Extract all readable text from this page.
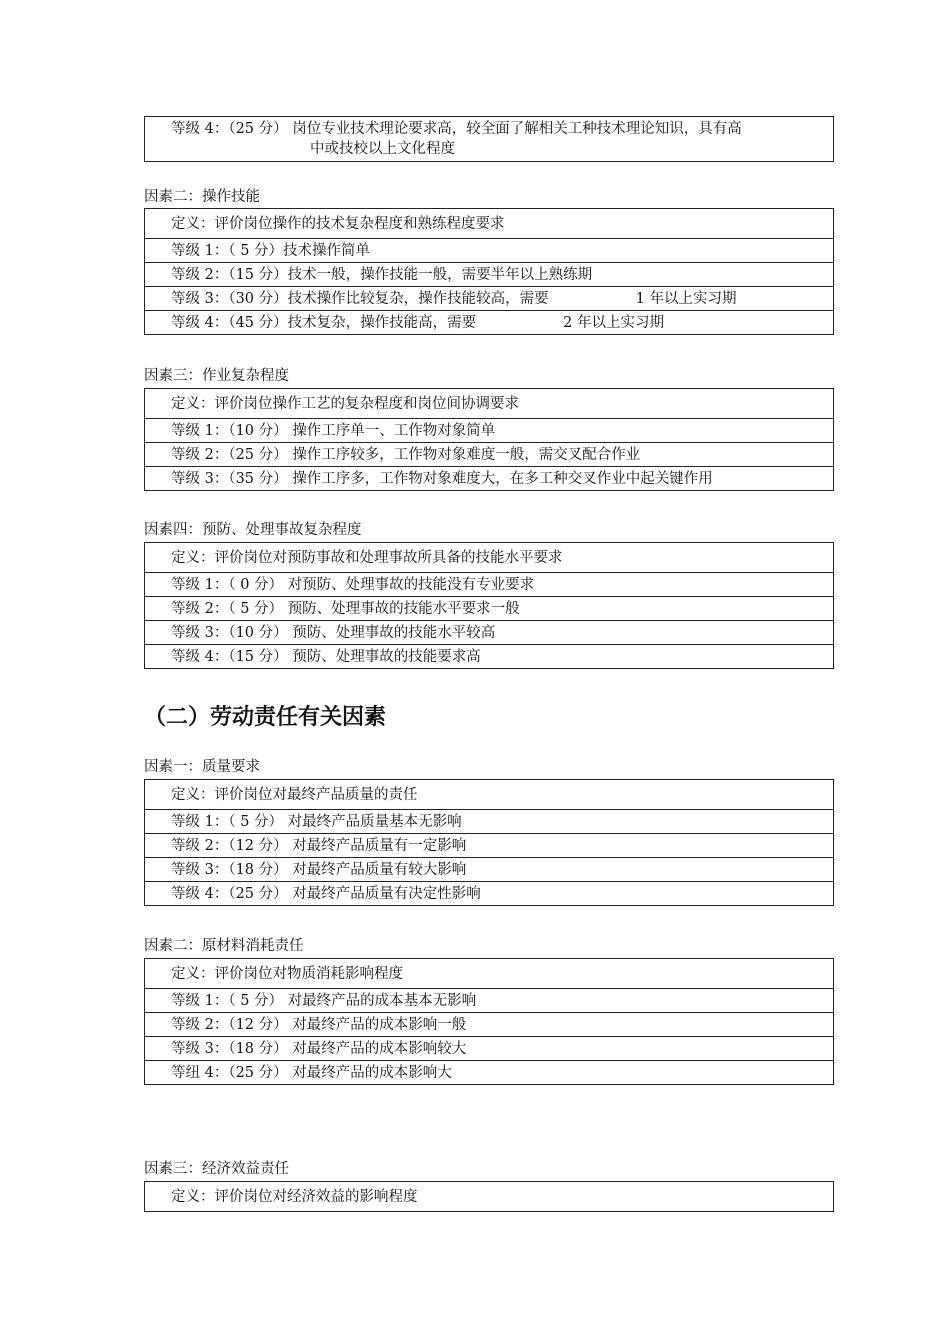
等级 4：（25 分） 岗位专业技术理论要求高，较全面了解相关工种技术理论知识，具有高
中或技校以上文化程度
因素二：操作技能
定义：评价岗位操作的技术复杂程度和熟练程度要求
等级 1：（ 5 分）技术操作简单
等级 2：（15 分）技术一般，操作技能一般，需要半年以上熟练期
等级 3：（30 分）技术操作比较复杂，操作技能较高，需要　　　　　　1 年以上实习期
等级 4：（45 分）技术复杂，操作技能高，需要　　　　　　2 年以上实习期
因素三：作业复杂程度
定义：评价岗位操作工艺的复杂程度和岗位间协调要求
等级 1：（10 分） 操作工序单一、工作物对象简单
等级 2：（25 分） 操作工序较多，工作物对象难度一般，需交叉配合作业
等级 3：（35 分） 操作工序多，工作物对象难度大，在多工种交叉作业中起关键作用
因素四：预防、处理事故复杂程度
定义：评价岗位对预防事故和处理事故所具备的技能水平要求
等级 1：（ 0 分） 对预防、处理事故的技能没有专业要求
等级 2：（ 5 分） 预防、处理事故的技能水平要求一般
等级 3：（10 分） 预防、处理事故的技能水平较高
等级 4：（15 分） 预防、处理事故的技能要求高
（二）劳动责任有关因素
因素一：质量要求
定义：评价岗位对最终产品质量的责任
等级 1：（ 5 分） 对最终产品质量基本无影响
等级 2：（12 分） 对最终产品质量有一定影响
等级 3：（18 分） 对最终产品质量有较大影响
等级 4：（25 分） 对最终产品质量有决定性影响
因素二：原材料消耗责任
定义：评价岗位对物质消耗影响程度
等级 1：（ 5 分） 对最终产品的成本基本无影响
等级 2：（12 分） 对最终产品的成本影响一般
等级 3：（18 分） 对最终产品的成本影响较大
等纽 4：（25 分） 对最终产品的成本影响大
因素三：经济效益责任
定义：评价岗位对经济效益的影响程度
